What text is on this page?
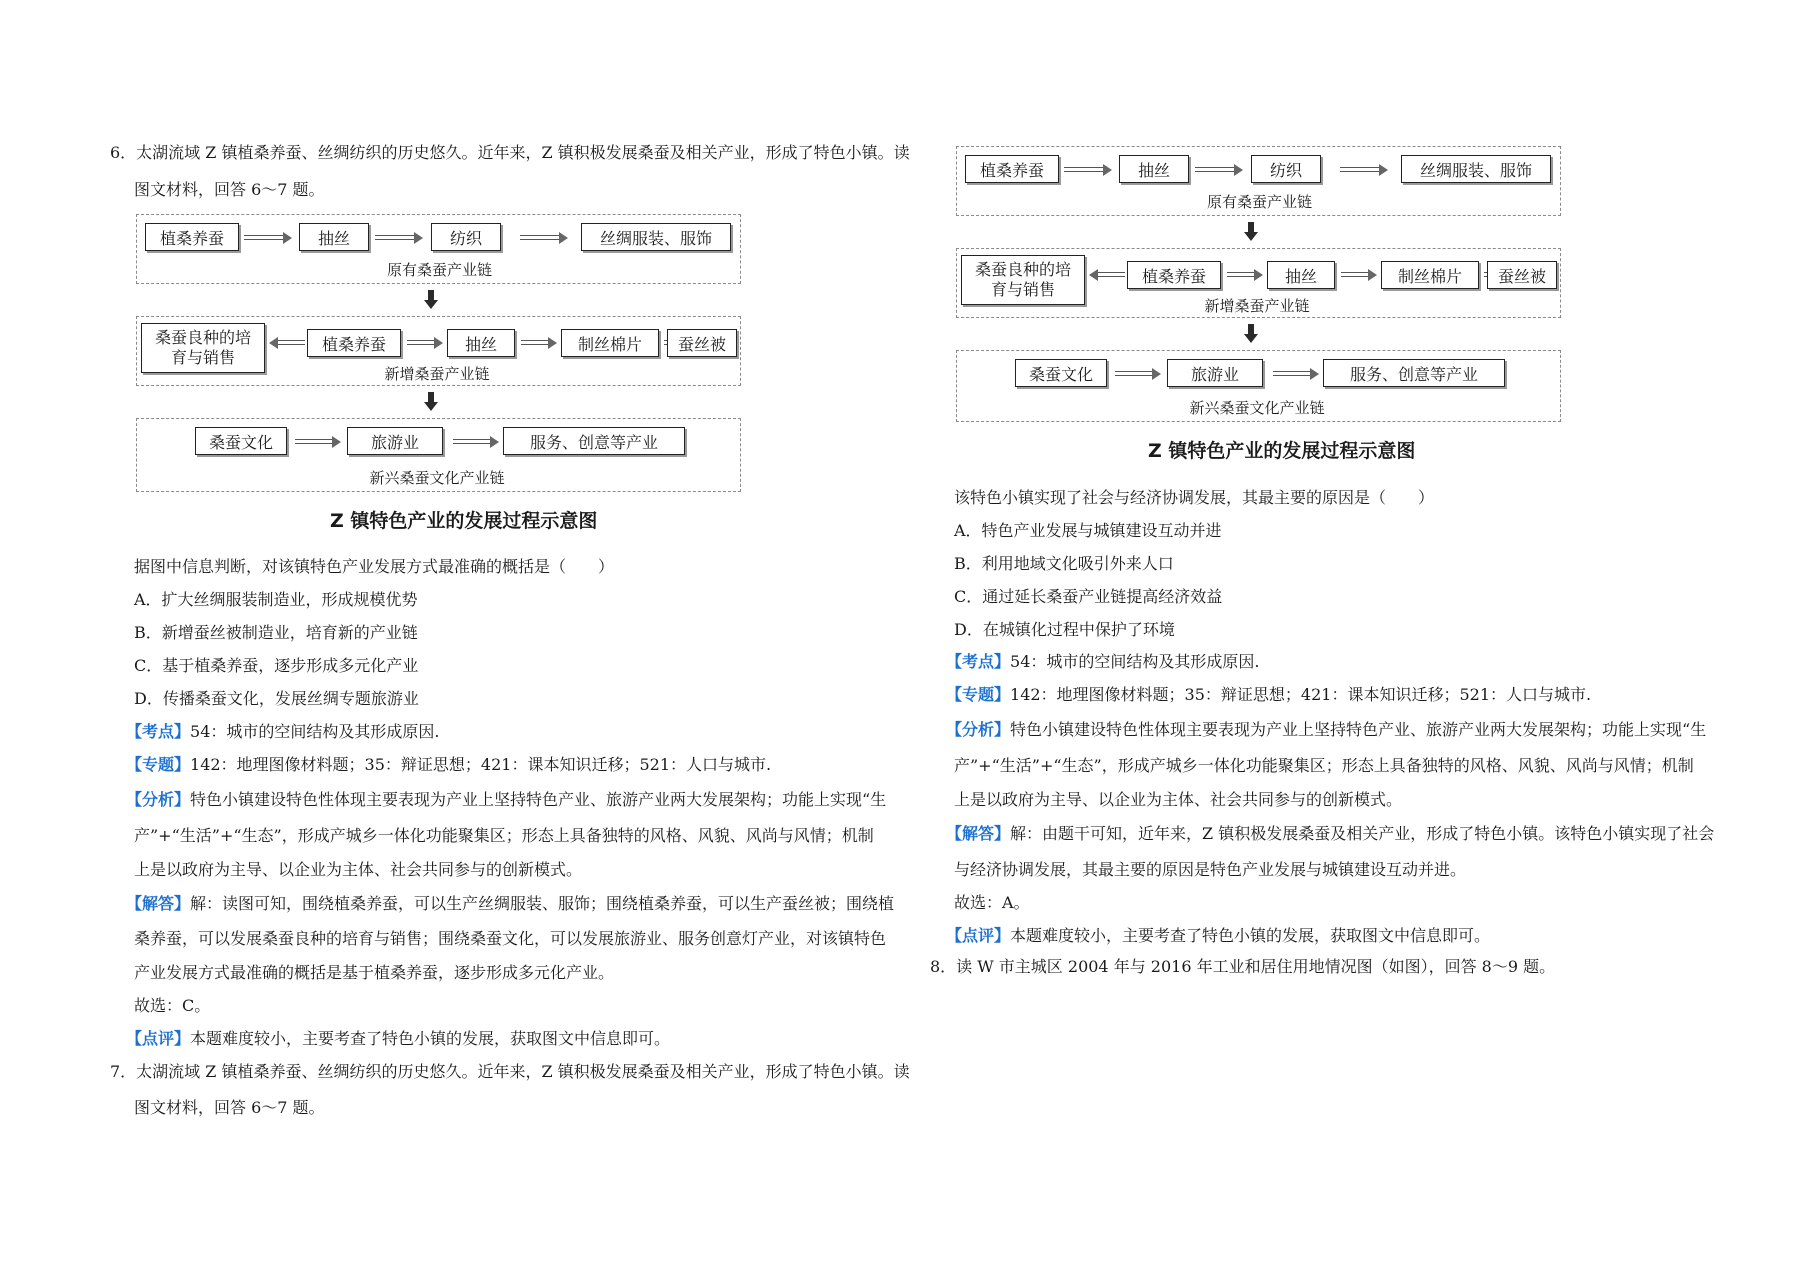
6．太湖流域 Z 镇植桑养蚕、丝绸纺织的历史悠久。近年来，Z 镇积极发展桑蚕及相关产业，形成了特色小镇。读
图文材料，回答 6～7 题。
植桑养蚕	抽丝	纺织	丝绸服装、服饰
原有桑蚕产业链
桑蚕良种的培育与销售
植桑养蚕	抽丝	制丝棉片	蚕丝被
新增桑蚕产业链
桑蚕文化	旅游业	服务、创意等产业
新兴桑蚕文化产业链
Z 镇特色产业的发展过程示意图
据图中信息判断，对该镇特色产业发展方式最准确的概括是（　　）
A．扩大丝绸服装制造业，形成规模优势
B．新增蚕丝被制造业，培育新的产业链
C．基于植桑养蚕，逐步形成多元化产业
D．传播桑蚕文化，发展丝绸专题旅游业
【考点】54：城市的空间结构及其形成原因.
【专题】142：地理图像材料题；35：辩证思想；421：课本知识迁移；521：人口与城市.
【分析】特色小镇建设特色性体现主要表现为产业上坚持特色产业、旅游产业两大发展架构；功能上实现“生
产”+“生活”+“生态”，形成产城乡一体化功能聚集区；形态上具备独特的风格、风貌、风尚与风情；机制
上是以政府为主导、以企业为主体、社会共同参与的创新模式。
【解答】解：读图可知，围绕植桑养蚕，可以生产丝绸服装、服饰；围绕植桑养蚕，可以生产蚕丝被；围绕植
桑养蚕，可以发展桑蚕良种的培育与销售；围绕桑蚕文化，可以发展旅游业、服务创意灯产业，对该镇特色
产业发展方式最准确的概括是基于植桑养蚕，逐步形成多元化产业。
故选：C。
【点评】本题难度较小，主要考查了特色小镇的发展，获取图文中信息即可。
7．太湖流域 Z 镇植桑养蚕、丝绸纺织的历史悠久。近年来，Z 镇积极发展桑蚕及相关产业，形成了特色小镇。读
图文材料，回答 6～7 题。
植桑养蚕	抽丝	纺织	丝绸服装、服饰
原有桑蚕产业链
桑蚕良种的培育与销售
植桑养蚕	抽丝	制丝棉片	蚕丝被
新增桑蚕产业链
桑蚕文化	旅游业	服务、创意等产业
新兴桑蚕文化产业链
Z 镇特色产业的发展过程示意图
该特色小镇实现了社会与经济协调发展，其最主要的原因是（　　）
A．特色产业发展与城镇建设互动并进
B．利用地域文化吸引外来人口
C．通过延长桑蚕产业链提高经济效益
D．在城镇化过程中保护了环境
【考点】54：城市的空间结构及其形成原因.
【专题】142：地理图像材料题；35：辩证思想；421：课本知识迁移；521：人口与城市.
【分析】特色小镇建设特色性体现主要表现为产业上坚持特色产业、旅游产业两大发展架构；功能上实现“生
产”+“生活”+“生态”，形成产城乡一体化功能聚集区；形态上具备独特的风格、风貌、风尚与风情；机制
上是以政府为主导、以企业为主体、社会共同参与的创新模式。
【解答】解：由题干可知，近年来，Z 镇积极发展桑蚕及相关产业，形成了特色小镇。该特色小镇实现了社会
与经济协调发展，其最主要的原因是特色产业发展与城镇建设互动并进。
故选：A。
【点评】本题难度较小，主要考查了特色小镇的发展，获取图文中信息即可。
8．读 W 市主城区 2004 年与 2016 年工业和居住用地情况图（如图），回答 8～9 题。
